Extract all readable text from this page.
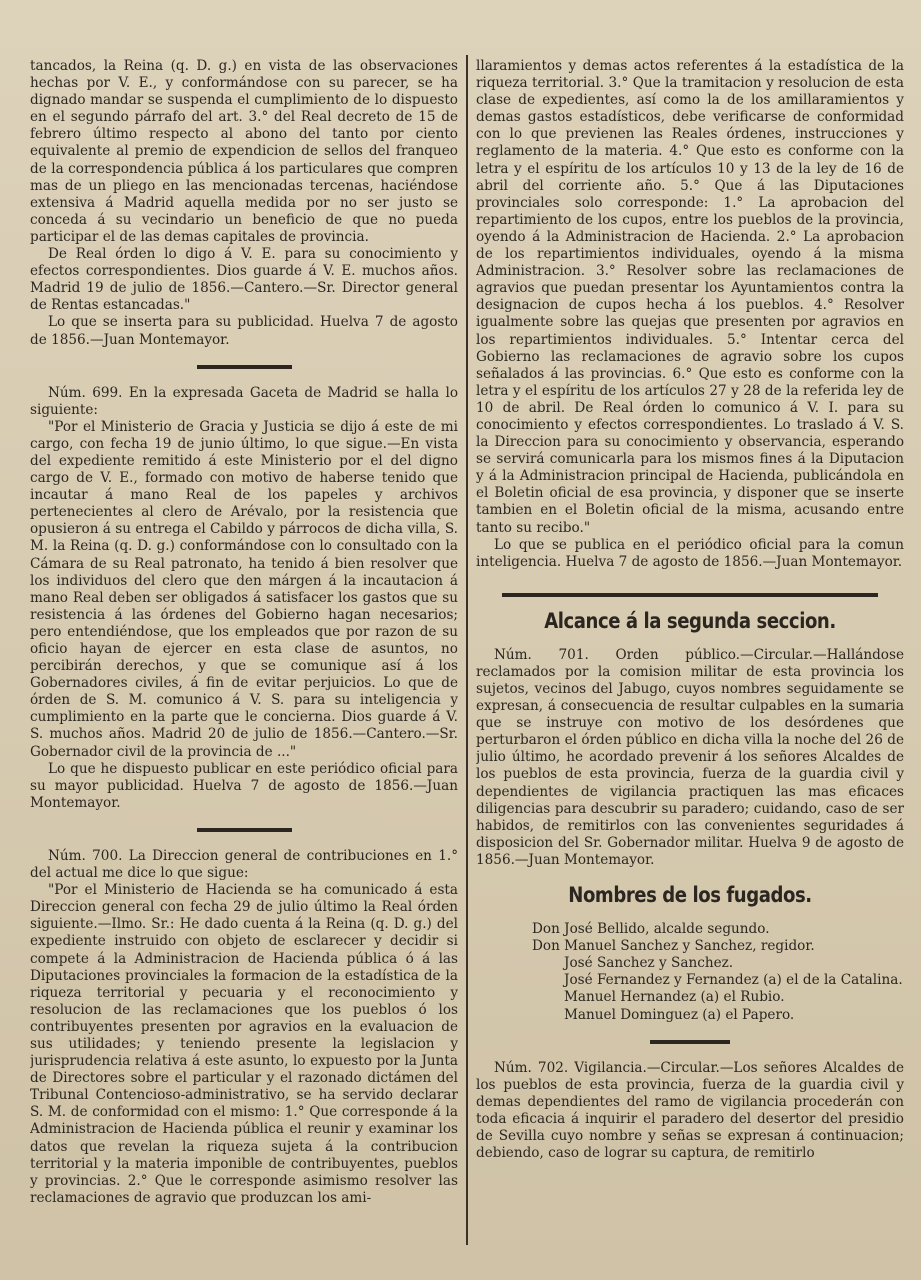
tancados, la Reina (q. D. g.) en vista de las observaciones hechas por V. E., y conformándose con su parecer, se ha dignado mandar se suspenda el cumplimiento de lo dispuesto en el segundo párrafo del art. 3.° del Real decreto de 15 de febrero último respecto al abono del tanto por ciento equivalente al premio de expendicion de sellos del franqueo de la correspondencia pública á los particulares que compren mas de un pliego en las mencionadas tercenas, haciéndose extensiva á Madrid aquella medida por no ser justo se conceda á su vecindario un beneficio de que no pueda participar el de las demas capitales de provincia.

De Real órden lo digo á V. E. para su conocimiento y efectos correspondientes. Dios guarde á V. E. muchos años. Madrid 19 de julio de 1856.—Cantero.—Sr. Director general de Rentas estancadas."

Lo que se inserta para su publicidad. Huelva 7 de agosto de 1856.—Juan Montemayor.

Núm. 699. En la expresada Gaceta de Madrid se halla lo siguiente:

"Por el Ministerio de Gracia y Justicia se dijo á este de mi cargo, con fecha 19 de junio último, lo que sigue.—En vista del expediente remitido á este Ministerio por el del digno cargo de V. E., formado con motivo de haberse tenido que incautar á mano Real de los papeles y archivos pertenecientes al clero de Arévalo, por la resistencia que opusieron á su entrega el Cabildo y párrocos de dicha villa, S. M. la Reina (q. D. g.) conformándose con lo consultado con la Cámara de su Real patronato, ha tenido á bien resolver que los individuos del clero que den márgen á la incautacion á mano Real deben ser obligados á satisfacer los gastos que su resistencia á las órdenes del Gobierno hagan necesarios; pero entendiéndose, que los empleados que por razon de su oficio hayan de ejercer en esta clase de asuntos, no percibirán derechos, y que se comunique así á los Gobernadores civiles, á fin de evitar perjuicios. Lo que de órden de S. M. comunico á V. S. para su inteligencia y cumplimiento en la parte que le concierna. Dios guarde á V. S. muchos años. Madrid 20 de julio de 1856.—Cantero.—Sr. Gobernador civil de la provincia de ..."

Lo que he dispuesto publicar en este periódico oficial para su mayor publicidad. Huelva 7 de agosto de 1856.—Juan Montemayor.

Núm. 700. La Direccion general de contribuciones en 1.° del actual me dice lo que sigue:

"Por el Ministerio de Hacienda se ha comunicado á esta Direccion general con fecha 29 de julio último la Real órden siguiente.—Ilmo. Sr.: He dado cuenta á la Reina (q. D. g.) del expediente instruido con objeto de esclarecer y decidir si compete á la Administracion de Hacienda pública ó á las Diputaciones provinciales la formacion de la estadística de la riqueza territorial y pecuaria y el reconocimiento y resolucion de las reclamaciones que los pueblos ó los contribuyentes presenten por agravios en la evaluacion de sus utilidades; y teniendo presente la legislacion y jurisprudencia relativa á este asunto, lo expuesto por la Junta de Directores sobre el particular y el razonado dictámen del Tribunal Contencioso-administrativo, se ha servido declarar S. M. de conformidad con el mismo: 1.° Que corresponde á la Administracion de Hacienda pública el reunir y examinar los datos que revelan la riqueza sujeta á la contribucion territorial y la materia imponible de contribuyentes, pueblos y provincias. 2.° Que le corresponde asimismo resolver las reclamaciones de agravio que produzcan los ami-

llaramientos y demas actos referentes á la estadística de la riqueza territorial. 3.° Que la tramitacion y resolucion de esta clase de expedientes, así como la de los amillaramientos y demas gastos estadísticos, debe verificarse de conformidad con lo que previenen las Reales órdenes, instrucciones y reglamento de la materia. 4.° Que esto es conforme con la letra y el espíritu de los artículos 10 y 13 de la ley de 16 de abril del corriente año. 5.° Que á las Diputaciones provinciales solo corresponde: 1.° La aprobacion del repartimiento de los cupos, entre los pueblos de la provincia, oyendo á la Administracion de Hacienda. 2.° La aprobacion de los repartimientos individuales, oyendo á la misma Administracion. 3.° Resolver sobre las reclamaciones de agravios que puedan presentar los Ayuntamientos contra la designacion de cupos hecha á los pueblos. 4.° Resolver igualmente sobre las quejas que presenten por agravios en los repartimientos individuales. 5.° Intentar cerca del Gobierno las reclamaciones de agravio sobre los cupos señalados á las provincias. 6.° Que esto es conforme con la letra y el espíritu de los artículos 27 y 28 de la referida ley de 10 de abril. De Real órden lo comunico á V. I. para su conocimiento y efectos correspondientes. Lo traslado á V. S. la Direccion para su conocimiento y observancia, esperando se servirá comunicarla para los mismos fines á la Diputacion y á la Administracion principal de Hacienda, publicándola en el Boletin oficial de esa provincia, y disponer que se inserte tambien en el Boletin oficial de la misma, acusando entre tanto su recibo."

Lo que se publica en el periódico oficial para la comun inteligencia. Huelva 7 de agosto de 1856.—Juan Montemayor.

Alcance á la segunda seccion.

Núm. 701. Orden público.—Circular.—Hallándose reclamados por la comision militar de esta provincia los sujetos, vecinos del Jabugo, cuyos nombres seguidamente se expresan, á consecuencia de resultar culpables en la sumaria que se instruye con motivo de los desórdenes que perturbaron el órden público en dicha villa la noche del 26 de julio último, he acordado prevenir á los señores Alcaldes de los pueblos de esta provincia, fuerza de la guardia civil y dependientes de vigilancia practiquen las mas eficaces diligencias para descubrir su paradero; cuidando, caso de ser habidos, de remitirlos con las convenientes seguridades á disposicion del Sr. Gobernador militar. Huelva 9 de agosto de 1856.—Juan Montemayor.

Nombres de los fugados.

Don José Bellido, alcalde segundo.

Don Manuel Sanchez y Sanchez, regidor.

José Sanchez y Sanchez.

José Fernandez y Fernandez (a) el de la Catalina.

Manuel Hernandez (a) el Rubio.

Manuel Dominguez (a) el Papero.

Núm. 702. Vigilancia.—Circular.—Los señores Alcaldes de los pueblos de esta provincia, fuerza de la guardia civil y demas dependientes del ramo de vigilancia procederán con toda eficacia á inquirir el paradero del desertor del presidio de Sevilla cuyo nombre y señas se expresan á continuacion; debiendo, caso de lograr su captura, de remitirlo
